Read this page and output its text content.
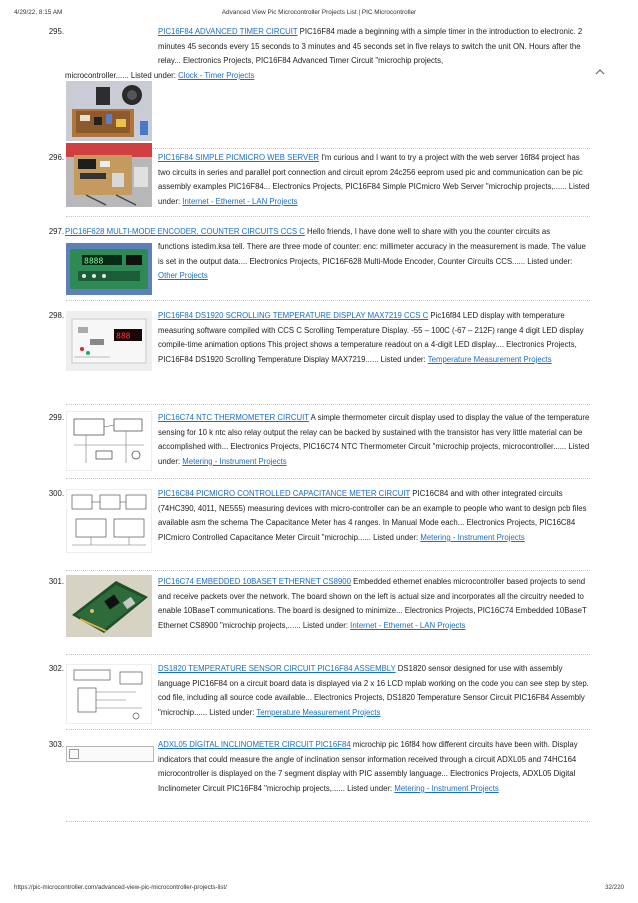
4/29/22, 8:15 AM	Advanced View Pic Microcontroller Projects List | PIC Microcontroller
295.	PIC16F84 ADVANCED TIMER CIRCUIT PIC16F84 made a beginning with a simple timer in the introduction to electronic. 2 minutes 45 seconds every 15 seconds to 3 minutes and 45 seconds set in five relays to switch the unit ON. Hours after the relay... Electronics Projects, PIC16F84 Advanced Timer Circuit "microchip projects,
microcontroller...... Listed under: Clock - Timer Projects
296.	PIC16F84 SIMPLE PICMICRO WEB SERVER I'm curious and I want to try a project with the web server 16f84 project has two circuits in series and parallel port connection and circuit eprom 24c256 eeprom used pic and communication can be pic assembly examples PIC16F84... Electronics Projects, PIC16F84 Simple PICmicro Web Server "microchip projects,...... Listed under: Internet - Ethernet - LAN Projects
297. PIC16F628 MULTI-MODE ENCODER, COUNTER CIRCUITS CCS C Hello friends, I have done well to share with you the counter circuits as
functions istedim.ksa tell. There are three mode of counter: enc: millimeter accuracy in the measurement is made. The value is set in the output data.... Electronics Projects, PIC16F628 Multi-Mode Encoder, Counter Circuits CCS...... Listed under: Other Projects
8888
298.	PIC16F84 DS1920 SCROLLING TEMPERATURE DISPLAY MAX7219 CCS C Pic16f84 LED display with temperature measuring software compiled with CCS C Scrolling Temperature Display. -55 – 100C (-67 – 212F) range 4 digit LED display compile-time animation options This project shows a temperature readout on a 4-digit LED display.... Electronics Projects, PIC16F84 DS1920 Scrolling Temperature Display MAX7219...... Listed under: Temperature Measurement Projects
888
299.	PIC16C74 NTC THERMOMETER CIRCUIT A simple thermometer circuit display used to display the value of the temperature sensing for 10 k ntc also relay output the relay can be backed by sustained with the transistor has very little material can be accomplished with... Electronics Projects, PIC16C74 NTC Thermometer Circuit "microchip projects, microcontroller...... Listed under: Metering - Instrument Projects
300.	PIC16C84 PICMICRO CONTROLLED CAPACITANCE METER CIRCUIT PIC16C84 and with other integrated circuits (74HC390, 4011, NE555) measuring devices with micro-controller can be an example to people who want to design pcb files available asm the schema The Capacitance Meter has 4 ranges. In Manual Mode each... Electronics Projects, PIC16C84 PICmicro Controlled Capacitance Meter Circuit "microchip...... Listed under: Metering - Instrument Projects
301.	PIC16C74 EMBEDDED 10BASET ETHERNET CS8900 Embedded ethernet enables microcontroller based projects to send and receive packets over the network. The board shown on the left is actual size and incorporates all the circuitry needed to enable 10BaseT communications. The board is designed to minimize... Electronics Projects, PIC16C74 Embedded 10BaseT Ethernet CS8900 "microchip projects,...... Listed under: Internet - Ethernet - LAN Projects
302.	DS1820 TEMPERATURE SENSOR CIRCUIT PIC16F84 ASSEMBLY DS1820 sensor designed for use with assembly language PIC16F84 on a circuit board data is displayed via 2 x 16 LCD mplab working on the code you can see step by step. cod file, including all source code available... Electronics Projects, DS1820 Temperature Sensor Circuit PIC16F84 Assembly "microchip...... Listed under: Temperature Measurement Projects
303.	ADXL05 DİGİTAL INCLINOMETER CIRCUIT PIC16F84 microchip pic 16f84 how different circuits have been with. Display indicators that could measure the angle of inclination sensor information received through a circuit ADXL05 and 74HC164 microcontroller is displayed on the 7 segment display with PIC assembly language... Electronics Projects, ADXL05 Digital Inclinometer Circuit PIC16F84 "microchip projects,...... Listed under: Metering - Instrument Projects
https://pic-microcontroller.com/advanced-view-pic-microcontroller-projects-list/	32/220
